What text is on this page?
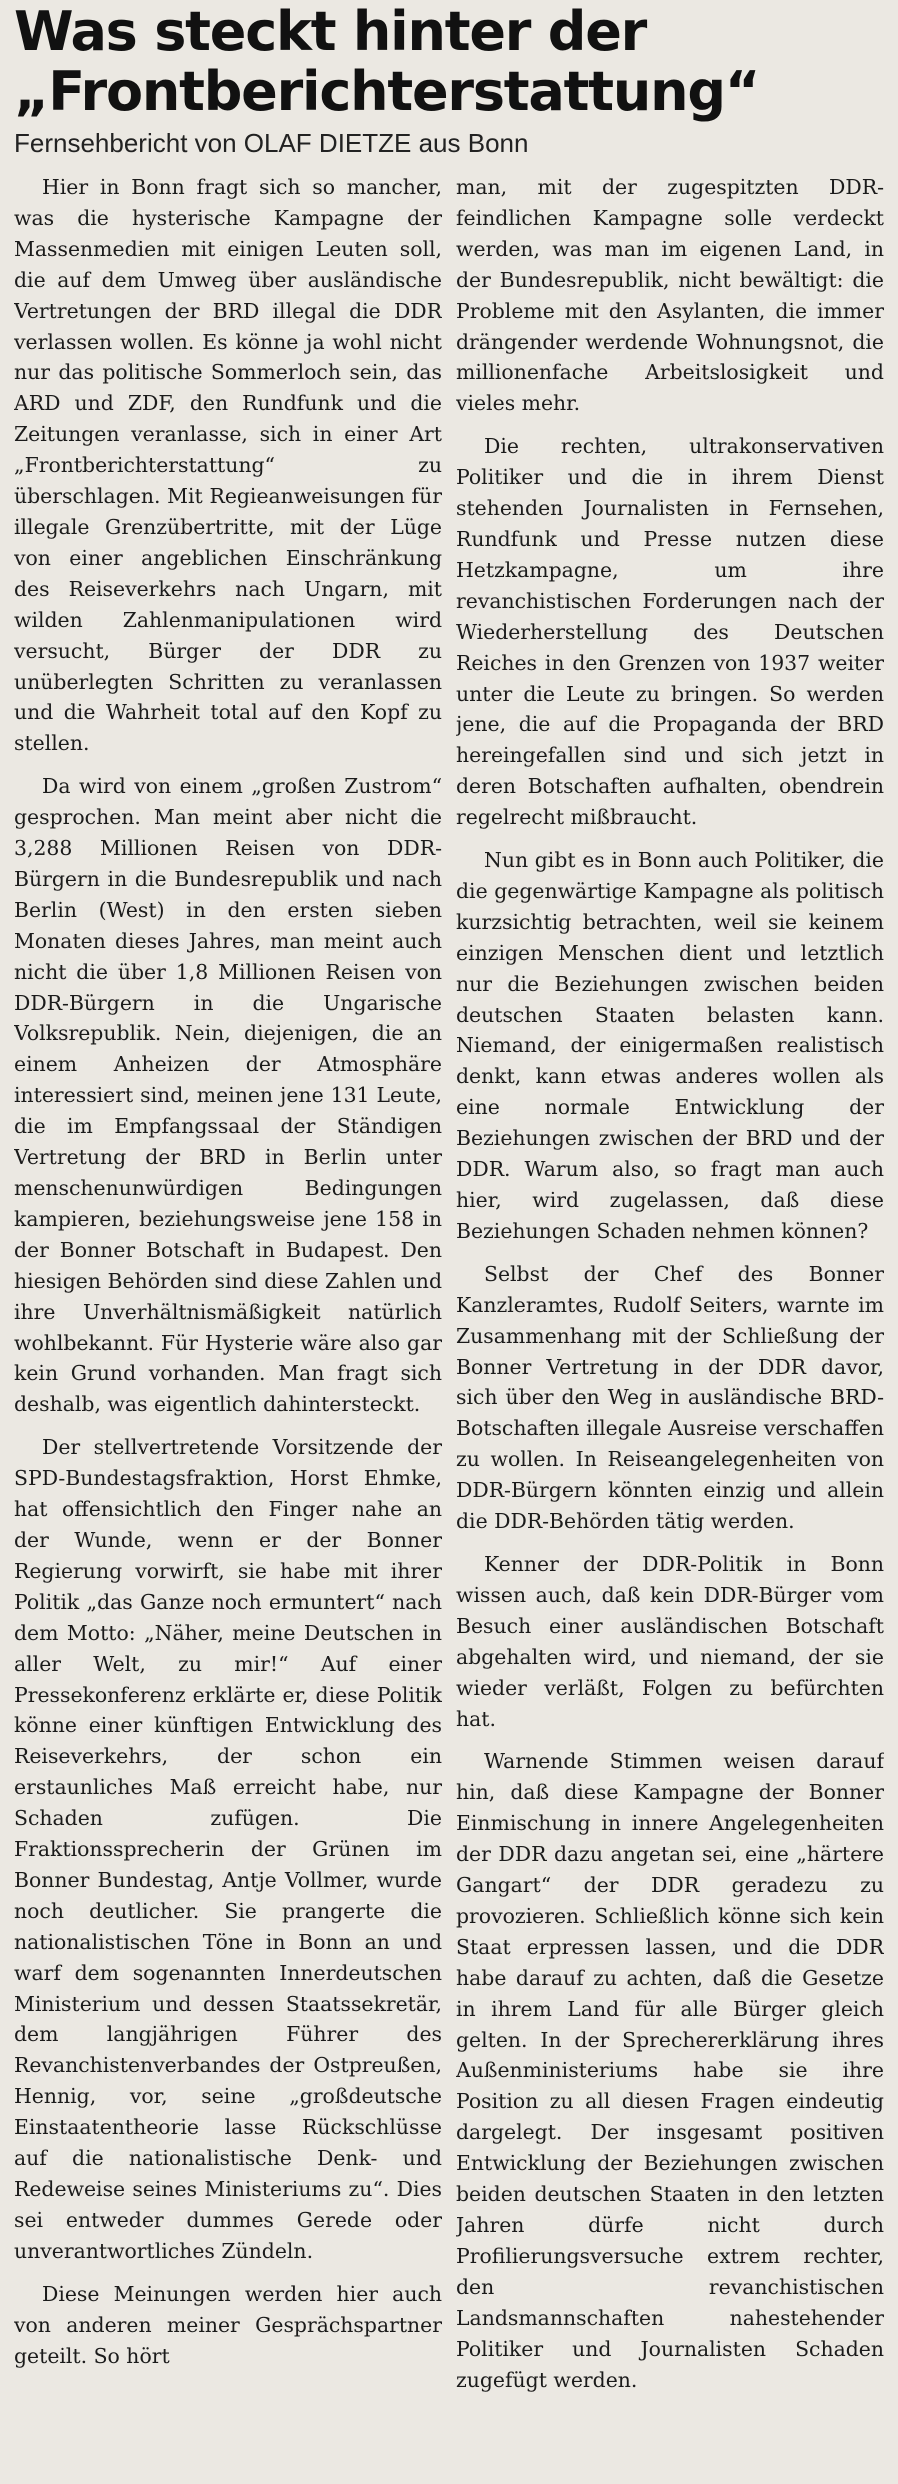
Was steckt hinter der
„Frontberichterstattung“
Fernsehbericht von OLAF DIETZE aus Bonn

Hier in Bonn fragt sich so mancher, was die hysterische Kampagne der Massenmedien mit einigen Leuten soll, die auf dem Umweg über ausländische Vertretungen der BRD illegal die DDR verlassen wollen. Es könne ja wohl nicht nur das politische Sommerloch sein, das ARD und ZDF, den Rundfunk und die Zeitungen veranlasse, sich in einer Art „Frontberichterstattung“ zu überschlagen. Mit Regieanweisungen für illegale Grenzübertritte, mit der Lüge von einer angeblichen Einschränkung des Reiseverkehrs nach Ungarn, mit wilden Zahlenmanipulationen wird versucht, Bürger der DDR zu unüberlegten Schritten zu veranlassen und die Wahrheit total auf den Kopf zu stellen.

Da wird von einem „großen Zustrom“ gesprochen. Man meint aber nicht die 3,288 Millionen Reisen von DDR-Bürgern in die Bundesrepublik und nach Berlin (West) in den ersten sieben Monaten dieses Jahres, man meint auch nicht die über 1,8 Millionen Reisen von DDR-Bürgern in die Ungarische Volksrepublik. Nein, diejenigen, die an einem Anheizen der Atmosphäre interessiert sind, meinen jene 131 Leute, die im Empfangssaal der Ständigen Vertretung der BRD in Berlin unter menschenunwürdigen Bedingungen kampieren, beziehungsweise jene 158 in der Bonner Botschaft in Budapest. Den hiesigen Behörden sind diese Zahlen und ihre Unverhältnismäßigkeit natürlich wohlbekannt. Für Hysterie wäre also gar kein Grund vorhanden. Man fragt sich deshalb, was eigentlich dahintersteckt.

Der stellvertretende Vorsitzende der SPD-Bundestagsfraktion, Horst Ehmke, hat offensichtlich den Finger nahe an der Wunde, wenn er der Bonner Regierung vorwirft, sie habe mit ihrer Politik „das Ganze noch ermuntert“ nach dem Motto: „Näher, meine Deutschen in aller Welt, zu mir!“ Auf einer Pressekonferenz erklärte er, diese Politik könne einer künftigen Entwicklung des Reiseverkehrs, der schon ein erstaunliches Maß erreicht habe, nur Schaden zufügen. Die Fraktionssprecherin der Grünen im Bonner Bundestag, Antje Vollmer, wurde noch deutlicher. Sie prangerte die nationalistischen Töne in Bonn an und warf dem sogenannten Innerdeutschen Ministerium und dessen Staatssekretär, dem langjährigen Führer des Revanchistenverbandes der Ostpreußen, Hennig, vor, seine „großdeutsche Einstaatentheorie lasse Rückschlüsse auf die nationalistische Denk- und Redeweise seines Ministeriums zu“. Dies sei entweder dummes Gerede oder unverantwortliches Zündeln.

Diese Meinungen werden hier auch von anderen meiner Gesprächspartner geteilt. So hört

man, mit der zugespitzten DDR-feindlichen Kampagne solle verdeckt werden, was man im eigenen Land, in der Bundesrepublik, nicht bewältigt: die Probleme mit den Asylanten, die immer drängender werdende Wohnungsnot, die millionenfache Arbeitslosigkeit und vieles mehr.

Die rechten, ultrakonservativen Politiker und die in ihrem Dienst stehenden Journalisten in Fernsehen, Rundfunk und Presse nutzen diese Hetzkampagne, um ihre revanchistischen Forderungen nach der Wiederherstellung des Deutschen Reiches in den Grenzen von 1937 weiter unter die Leute zu bringen. So werden jene, die auf die Propaganda der BRD hereingefallen sind und sich jetzt in deren Botschaften aufhalten, obendrein regelrecht mißbraucht.

Nun gibt es in Bonn auch Politiker, die die gegenwärtige Kampagne als politisch kurzsichtig betrachten, weil sie keinem einzigen Menschen dient und letztlich nur die Beziehungen zwischen beiden deutschen Staaten belasten kann. Niemand, der einigermaßen realistisch denkt, kann etwas anderes wollen als eine normale Entwicklung der Beziehungen zwischen der BRD und der DDR. Warum also, so fragt man auch hier, wird zugelassen, daß diese Beziehungen Schaden nehmen können?

Selbst der Chef des Bonner Kanzleramtes, Rudolf Seiters, warnte im Zusammenhang mit der Schließung der Bonner Vertretung in der DDR davor, sich über den Weg in ausländische BRD-Botschaften illegale Ausreise verschaffen zu wollen. In Reiseangelegenheiten von DDR-Bürgern könnten einzig und allein die DDR-Behörden tätig werden.

Kenner der DDR-Politik in Bonn wissen auch, daß kein DDR-Bürger vom Besuch einer ausländischen Botschaft abgehalten wird, und niemand, der sie wieder verläßt, Folgen zu befürchten hat.

Warnende Stimmen weisen darauf hin, daß diese Kampagne der Bonner Einmischung in innere Angelegenheiten der DDR dazu angetan sei, eine „härtere Gangart“ der DDR geradezu zu provozieren. Schließlich könne sich kein Staat erpressen lassen, und die DDR habe darauf zu achten, daß die Gesetze in ihrem Land für alle Bürger gleich gelten. In der Sprechererklärung ihres Außenministeriums habe sie ihre Position zu all diesen Fragen eindeutig dargelegt. Der insgesamt positiven Entwicklung der Beziehungen zwischen beiden deutschen Staaten in den letzten Jahren dürfe nicht durch Profilierungsversuche extrem rechter, den revanchistischen Landsmannschaften nahestehender Politiker und Journalisten Schaden zugefügt werden.
